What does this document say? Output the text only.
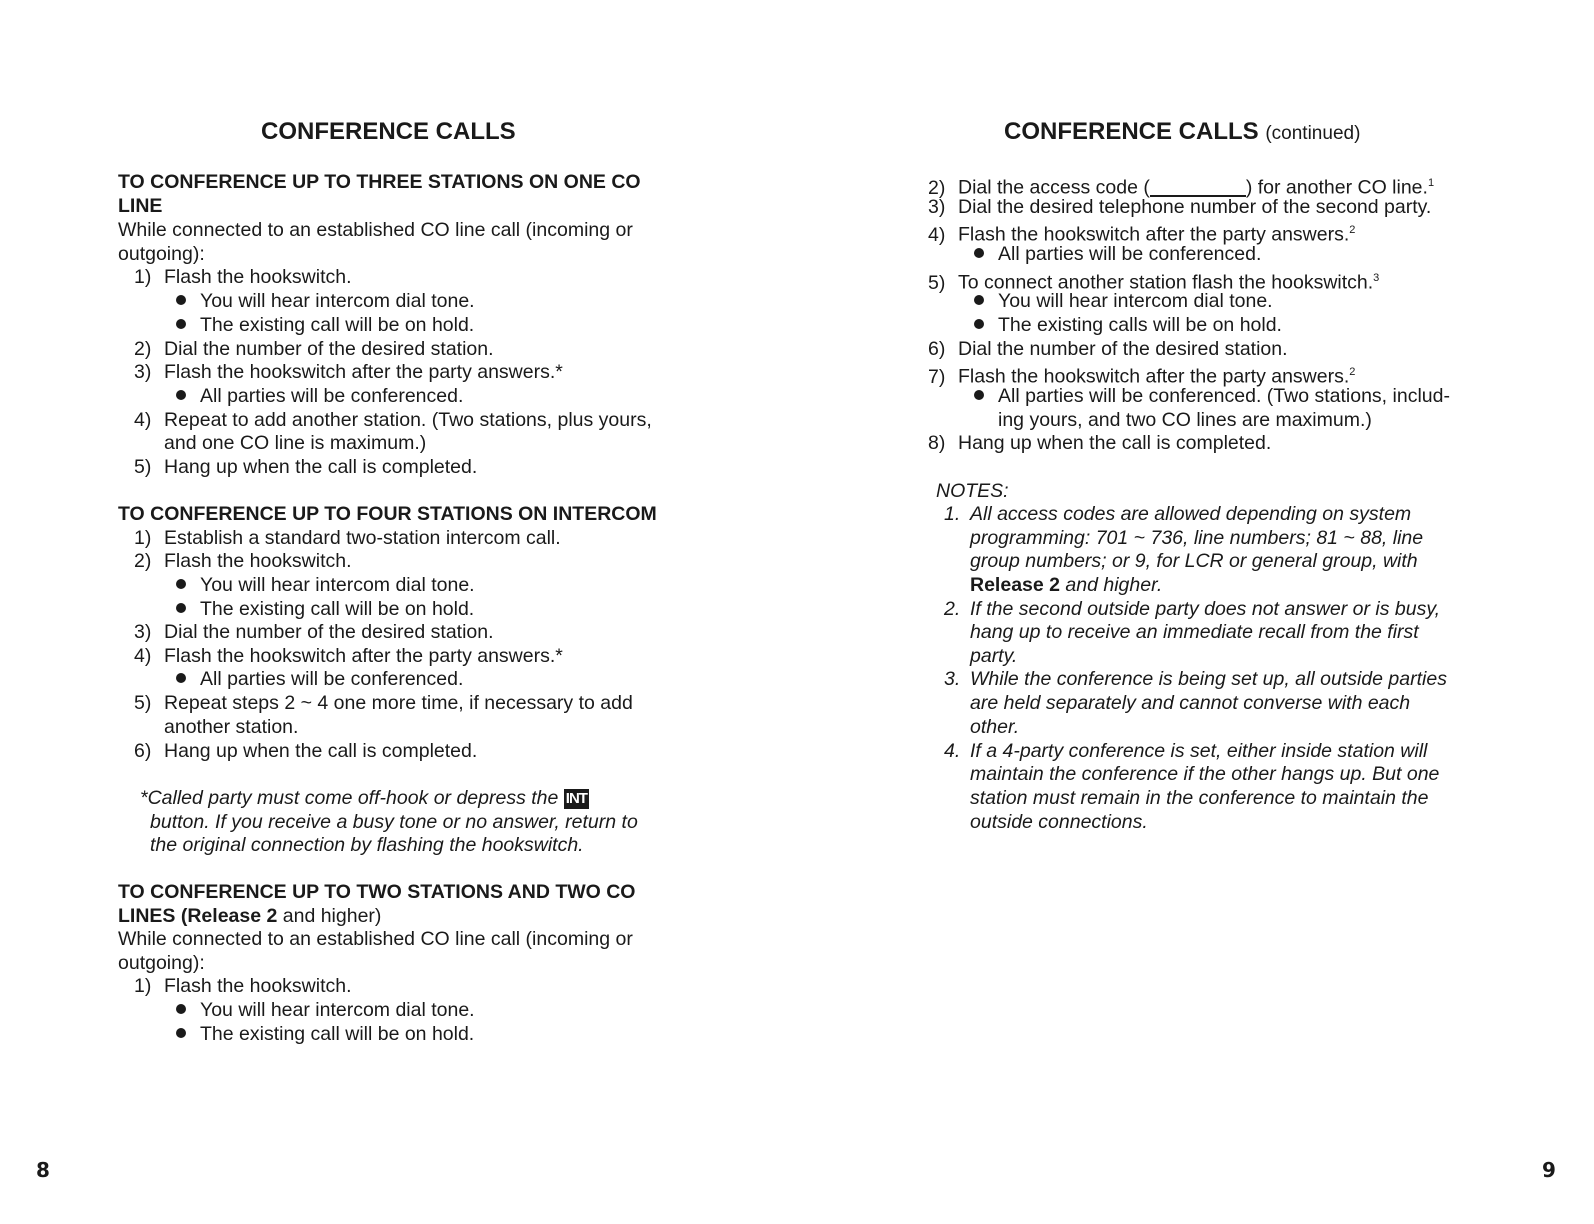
CONFERENCE CALLS
TO CONFERENCE UP TO THREE STATIONS ON ONE CO
LINE
While connected to an established CO line call (incoming or
outgoing):
1) Flash the hookswitch.
You will hear intercom dial tone.
The existing call will be on hold.
2) Dial the number of the desired station.
3) Flash the hookswitch after the party answers.*
All parties will be conferenced.
4) Repeat to add another station. (Two stations, plus yours,
and one CO line is maximum.)
5) Hang up when the call is completed.
TO CONFERENCE UP TO FOUR STATIONS ON INTERCOM
1) Establish a standard two-station intercom call.
2) Flash the hookswitch.
You will hear intercom dial tone.
The existing call will be on hold.
3) Dial the number of the desired station.
4) Flash the hookswitch after the party answers.*
All parties will be conferenced.
5) Repeat steps 2 ~ 4 one more time, if necessary to add
another station.
6) Hang up when the call is completed.
*Called party must come off-hook or depress the INT
button. If you receive a busy tone or no answer, return to
the original connection by flashing the hookswitch.
TO CONFERENCE UP TO TWO STATIONS AND TWO CO
LINES (Release 2 and higher)
While connected to an established CO line call (incoming or
outgoing):
1) Flash the hookswitch.
You will hear intercom dial tone.
The existing call will be on hold.
8
CONFERENCE CALLS (continued)
2) Dial the access code (	) for another CO line.$^1$
3) Dial the desired telephone number of the second party.
4) Flash the hookswitch after the party answers.$^2$
All parties will be conferenced.
5) To connect another station flash the hookswitch.$^3$
You will hear intercom dial tone.
The existing calls will be on hold.
6) Dial the number of the desired station.
7) Flash the hookswitch after the party answers.$^2$
All parties will be conferenced. (Two stations, includ-
ing yours, and two CO lines are maximum.)
8) Hang up when the call is completed.
NOTES:
1. All access codes are allowed depending on system
programming: 701 ~ 736, line numbers; 81 ~ 88, line
group numbers; or 9, for LCR or general group, with
Release 2 and higher.
2. If the second outside party does not answer or is busy,
hang up to receive an immediate recall from the first
party.
3. While the conference is being set up, all outside parties
are held separately and cannot converse with each
other.
4. If a 4-party conference is set, either inside station will
maintain the conference if the other hangs up. But one
station must remain in the conference to maintain the
outside connections.
9
